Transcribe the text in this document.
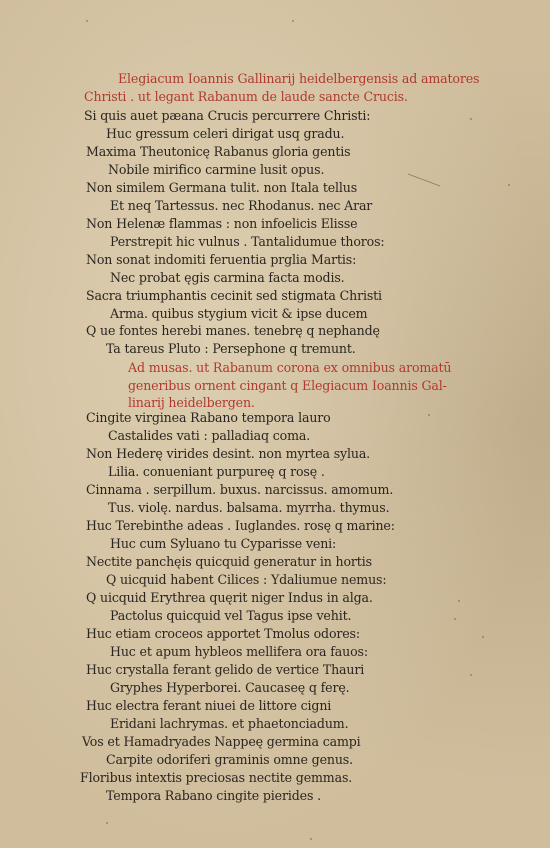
Elegiacum Ioannis Gallinarij heidelbergensis ad amatores
Christi . ut legant Rabanum de laude sancte Crucis.
Si quis auet pæana Crucis percurrere Christi:
Huc gressum celeri dirigat usq gradu.
Maxima Theutonicę Rabanus gloria gentis
Nobile mirifico carmine lusit opus.
Non similem Germana tulit. non Itala tellus
Et neq Tartessus. nec Rhodanus. nec Arar
Non Helenæ flammas : non infoelicis Elisse
Perstrepit hic vulnus . Tantalidumue thoros:
Non sonat indomiti feruentia prglia Martis:
Nec probat ęgis carmina facta modis.
Sacra triumphantis cecinit sed stigmata Christi
Arma. quibus stygium vicit & ipse ducem
Q ue fontes herebi manes. tenebrę q nephandę
Ta tareus Pluto : Persephone q tremunt.
Ad musas. ut Rabanum corona ex omnibus aromatū
generibus ornent cingant q Elegiacum Ioannis Gal-
linarij heidelbergen.
Cingite virginea Rabano tempora lauro
Castalides vati : palladiaq coma.
Non Hederę virides desint. non myrtea sylua.
Lilia. conueniant purpureę q rosę .
Cinnama . serpillum. buxus. narcissus. amomum.
Tus. violę. nardus. balsama. myrrha. thymus.
Huc Terebinthe adeas . Iuglandes. rosę q marine:
Huc cum Syluano tu Cyparisse veni:
Nectite panchęis quicquid generatur in hortis
Q uicquid habent Cilices : Ydaliumue nemus:
Q uicquid Erythrea quęrit niger Indus in alga.
Pactolus quicquid vel Tagus ipse vehit.
Huc etiam croceos apportet Tmolus odores:
Huc et apum hybleos mellifera ora fauos:
Huc crystalla ferant gelido de vertice Thauri
Gryphes Hyperborei. Caucaseę q ferę.
Huc electra ferant niuei de littore cigni
Eridani lachrymas. et phaetonciadum.
Vos et Hamadryades Nappeę germina campi
Carpite odoriferi graminis omne genus.
Floribus intextis preciosas nectite gemmas.
Tempora Rabano cingite pierides .
